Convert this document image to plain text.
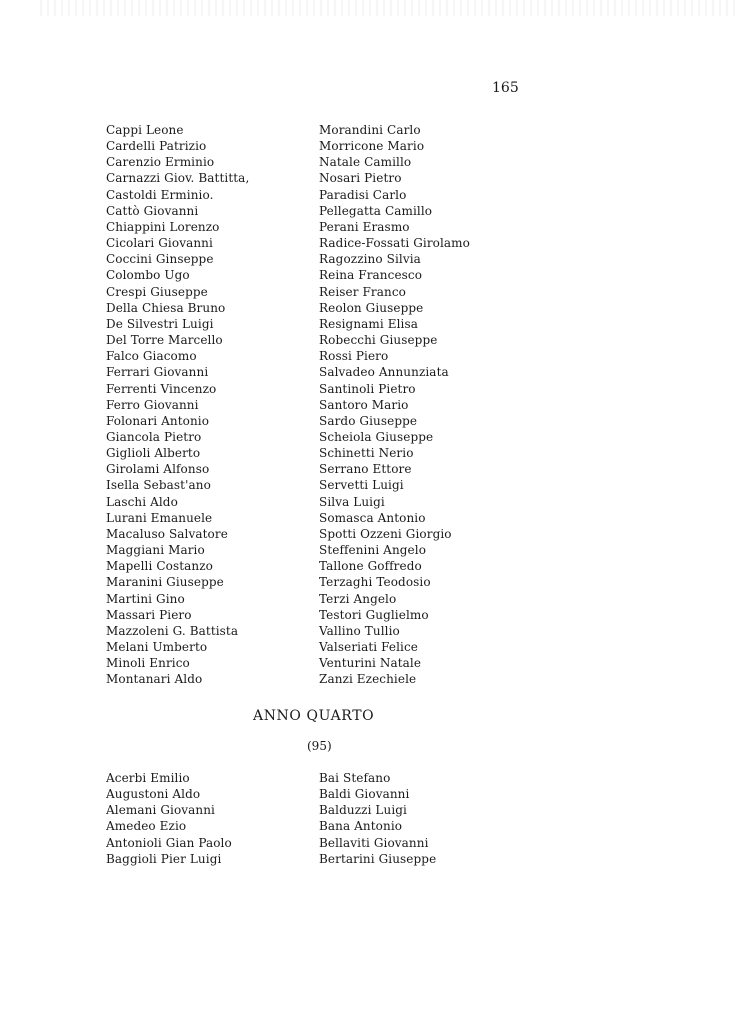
165
Cappi Leone
Cardelli Patrizio
Carenzio Erminio
Carnazzi Giov. Battitta,
Castoldi Erminio.
Cattò Giovanni
Chiappini Lorenzo
Cicolari Giovanni
Coccini Ginseppe
Colombo Ugo
Crespi Giuseppe
Della Chiesa Bruno
De Silvestri Luigi
Del Torre Marcello
Falco Giacomo
Ferrari Giovanni
Ferrenti Vincenzo
Ferro Giovanni
Folonari Antonio
Giancola Pietro
Giglioli Alberto
Girolami Alfonso
Isella Sebast'ano
Laschi Aldo
Lurani Emanuele
Macaluso Salvatore
Maggiani Mario
Mapelli Costanzo
Maranini Giuseppe
Martini Gino
Massari Piero
Mazzoleni G. Battista
Melani Umberto
Minoli Enrico
Montanari Aldo
Morandini Carlo
Morricone Mario
Natale Camillo
Nosari Pietro
Paradisi Carlo
Pellegatta Camillo
Perani Erasmo
Radice-Fossati Girolamo
Ragozzino Silvia
Reina Francesco
Reiser Franco
Reolon Giuseppe
Resignami Elisa
Robecchi Giuseppe
Rossi Piero
Salvadeo Annunziata
Santinoli Pietro
Santoro Mario
Sardo Giuseppe
Scheiola Giuseppe
Schinetti Nerio
Serrano Ettore
Servetti Luigi
Silva Luigi
Somasca Antonio
Spotti Ozzeni Giorgio
Steffenini Angelo
Tallone Goffredo
Terzaghi Teodosio
Terzi Angelo
Testori Guglielmo
Vallino Tullio
Valseriati Felice
Venturini Natale
Zanzi Ezechiele
ANNO QUARTO
(95)
Acerbi Emilio
Augustoni Aldo
Alemani Giovanni
Amedeo Ezio
Antonioli Gian Paolo
Baggioli Pier Luigi
Bai Stefano
Baldi Giovanni
Balduzzi Luigi
Bana Antonio
Bellaviti Giovanni
Bertarini Giuseppe
